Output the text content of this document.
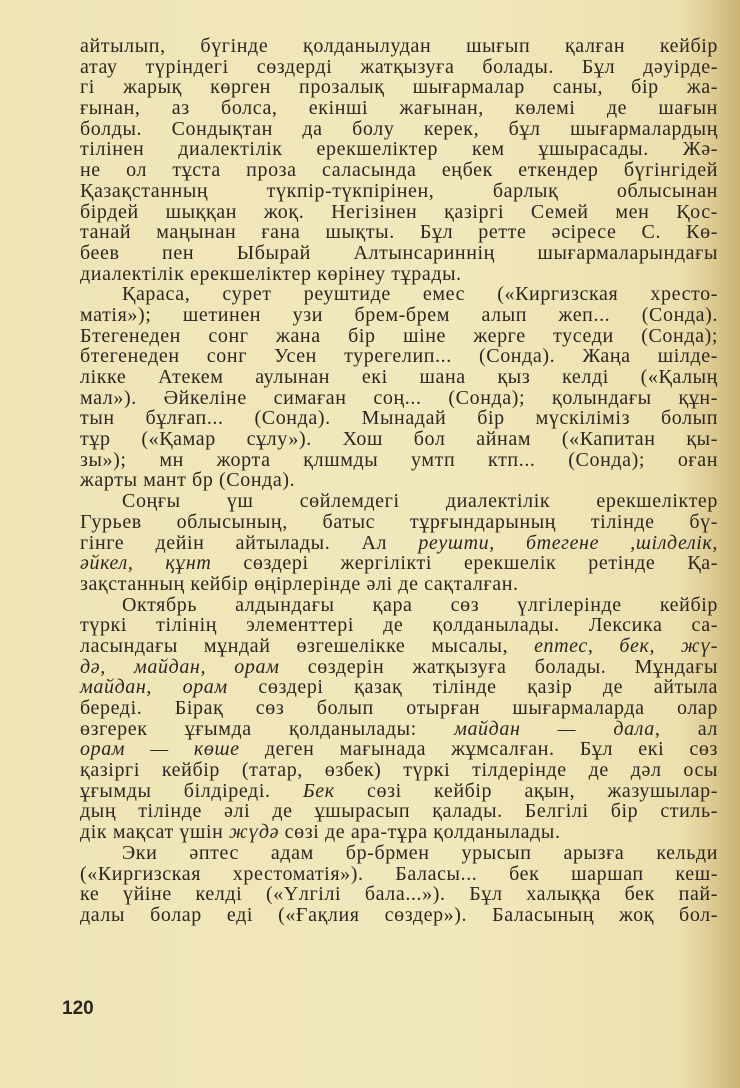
айтылып, бүгінде қолданылудан шығып қалған кейбір
атау түріндегі сөздерді жатқызуға болады. Бұл дәуірде-
гі жарық көрген прозалық шығармалар саны, бір жа-
ғынан, аз болса, екінші жағынан, көлемі де шағын
болды. Сондықтан да болу керек, бұл шығармалардың
тілінен диалектілік ерекшеліктер кем ұшырасады. Жә-
не ол тұста проза саласында еңбек еткендер бүгінгідей
Қазақстанның түкпір-түкпірінен, барлық облысынан
бірдей шыққан жоқ. Негізінен қазіргі Семей мен Қос-
танай маңынан ғана шықты. Бұл ретте әсіресе С. Кө-
беев пен Ыбырай Алтынсариннің шығармаларындағы
диалектілік ерекшеліктер көрінеу тұрады.
Қараса, сурет реуштиде емес («Киргизская хресто-
матія»); шетинен узи брем-брем алып жеп... (Сонда).
Бтегенеден сонг жана бір шіне жерге туседи (Сонда);
бтегенеден сонг Усен турегелип... (Сонда). Жаңа шілде-
лікке Атекем аулынан екі шана қыз келді («Қалың
мал»). Әйкеліне симаған соң... (Сонда); қолындағы құн-
тын бұлғап... (Сонда). Мынадай бір мүскіліміз болып
тұр («Қамар сұлу»). Хош бол айнам («Капитан қы-
зы»); мн жорта қлшмды умтп ктп... (Сонда); оған
жарты мант бр (Сонда).
Соңғы үш сөйлемдегі диалектілік ерекшеліктер
Гурьев облысының, батыс тұрғындарының тілінде бү-
гінге дейін айтылады. Ал реушти, бтегене ,шілделік,
әйкел, құнт сөздері жергілікті ерекшелік ретінде Қа-
зақстанның кейбір өңірлерінде әлі де сақталған.
Октябрь алдындағы қара сөз үлгілерінде кейбір
түркі тілінің элементтері де қолданылады. Лексика са-
ласындағы мұндай өзгешелікке мысалы, ептес, бек, жү-
дә, майдан, орам сөздерін жатқызуға болады. Мұндағы
майдан, орам сөздері қазақ тілінде қазір де айтыла
береді. Бірақ сөз болып отырған шығармаларда олар
өзгерек ұғымда қолданылады: майдан — дала, ал
орам — көше деген мағынада жұмсалған. Бұл екі сөз
қазіргі кейбір (татар, өзбек) түркі тілдерінде де дәл осы
ұғымды білдіреді. Бек сөзі кейбір ақын, жазушылар-
дың тілінде әлі де ұшырасып қалады. Белгілі бір стиль-
дік мақсат үшін жүдә сөзі де ара-тұра қолданылады.
Эки әптес адам бр-брмен урысып арызға кельди
(«Киргизская хрестоматія»). Баласы... бек шаршап кеш-
ке үйіне келді («Үлгілі бала...»). Бұл халыққа бек пай-
далы болар еді («Ғақлия сөздер»). Баласының жоқ бол-
120
